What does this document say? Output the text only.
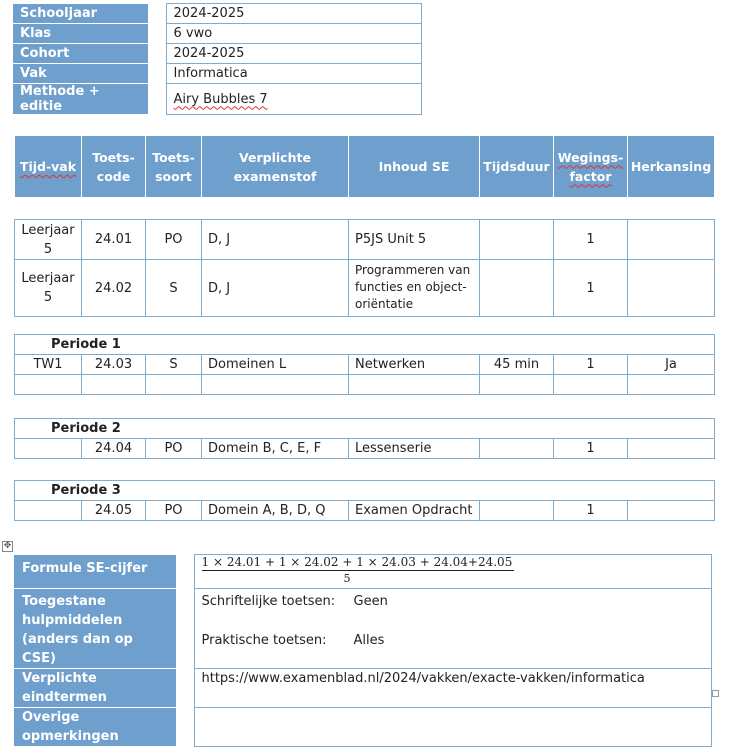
Schooljaar		2024-2025
Klas		6 vwo
Cohort		2024-2025
Vak		Informatica
Methode + editie		Airy Bubbles 7
Tijd-vak	Toets-code	Toets-soort	Verplichte examenstof	Inhoud SE	Tijdsduur	Wegings-factor	Herkansing
Leerjaar 5	24.01	PO	D, J	P5JS Unit 5		1	
Leerjaar 5	24.02	S	D, J	Programmeren van functies en object-oriëntatie		1	
Periode 1							
TW1	24.03	S	Domeinen L	Netwerken	45 min	1	Ja

Periode 2
	24.04	PO	Domein B, C, E, F	Lessenserie		1	
Periode 3
	24.05	PO	Domein A, B, D, Q	Examen Opdracht		1	
✥
Formule SE-cijfer		1 × 24.01 + 1 × 24.02 + 1 × 24.03 + 24.04+24.05
5

Toegestane hulpmiddelen (anders dan op CSE)		Schriftelijke toetsen: Geen
Praktische toetsen: Alles

Verplichte eindtermen		https://www.examenblad.nl/2024/vakken/exacte-vakken/informatica
Overige opmerkingen		
